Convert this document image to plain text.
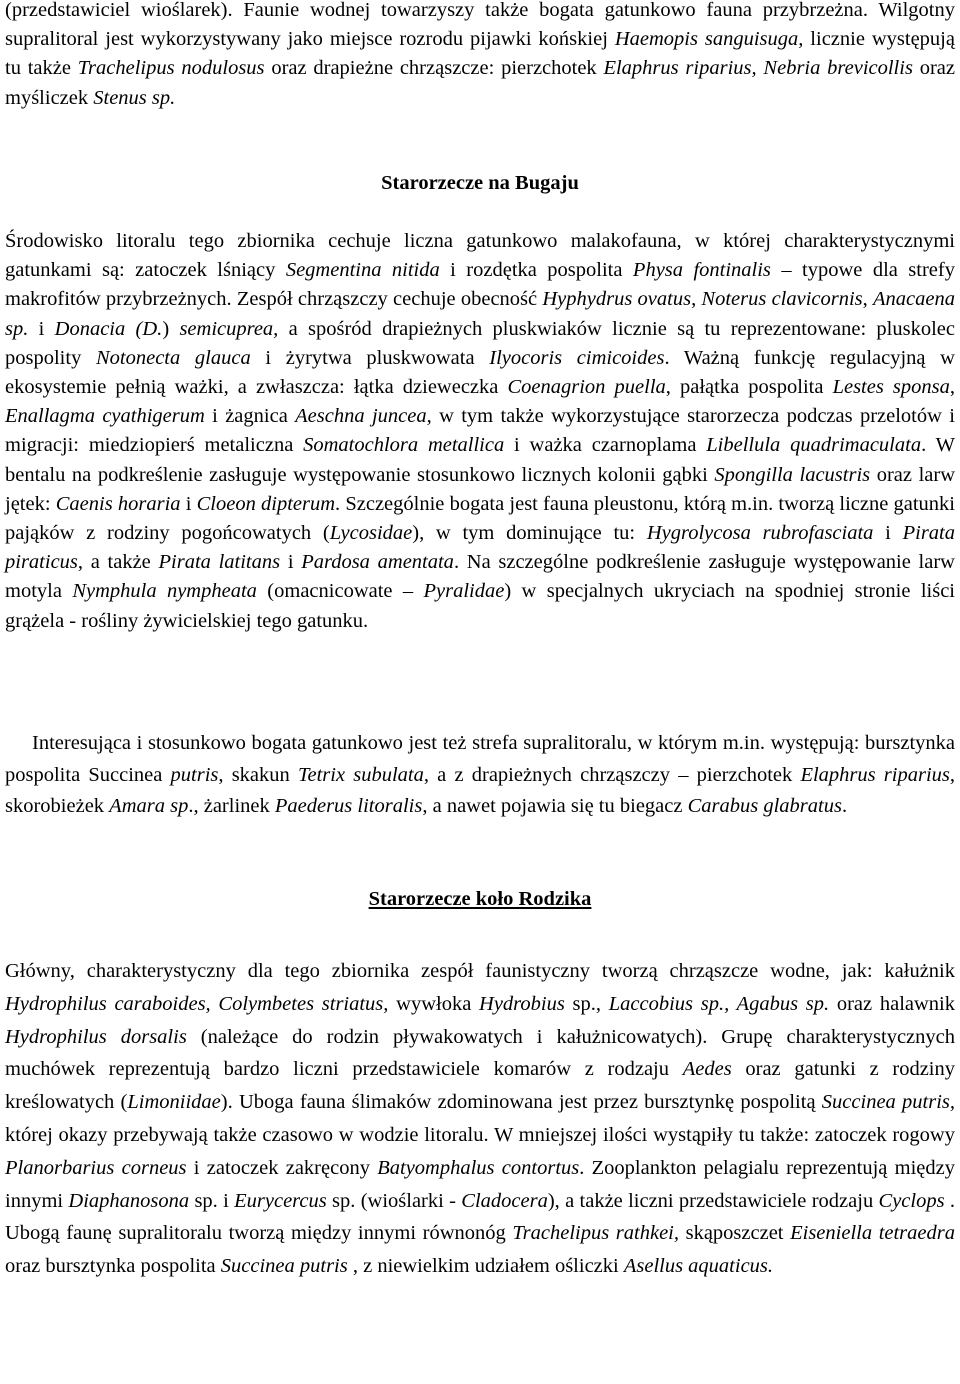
(przedstawiciel wioślarek). Faunie wodnej towarzyszy także bogata gatunkowo fauna przybrzeżna. Wilgotny supralitoral jest wykorzystywany jako miejsce rozrodu pijawki końskiej Haemopis sanguisuga, licznie występują tu także Trachelipus nodulosus oraz drapieżne chrząszcze: pierzchotek Elaphrus riparius, Nebria brevicollis oraz myśliczek Stenus sp.

Starorzecze na Bugaju

Środowisko litoralu tego zbiornika cechuje liczna gatunkowo malakofauna, w której charakterystycznymi gatunkami są: zatoczek lśniący Segmentina nitida i rozdętka pospolita Physa fontinalis – typowe dla strefy makrofitów przybrzeżnych. Zespół chrząszczy cechuje obecność Hyphydrus ovatus, Noterus clavicornis, Anacaena sp. i Donacia (D.) semicuprea, a spośród drapieżnych pluskwiaków licznie są tu reprezentowane: pluskolec pospolity Notonecta glauca i żyrytwa pluskwowata Ilyocoris cimicoides. Ważną funkcję regulacyjną w ekosystemie pełnią ważki, a zwłaszcza: łątka dzieweczka Coenagrion puella, pałątka pospolita Lestes sponsa, Enallagma cyathigerum i żagnica Aeschna juncea, w tym także wykorzystujące starorzecza podczas przelotów i migracji: miedziopierś metaliczna Somatochlora metallica i ważka czarnoplama Libellula quadrimaculata. W bentalu na podkreślenie zasługuje występowanie stosunkowo licznych kolonii gąbki Spongilla lacustris oraz larw jętek: Caenis horaria i Cloeon dipterum. Szczególnie bogata jest fauna pleustonu, którą m.in. tworzą liczne gatunki pająków z rodziny pogońcowatych (Lycosidae), w tym dominujące tu: Hygrolycosa rubrofasciata i Pirata piraticus, a także Pirata latitans i Pardosa amentata. Na szczególne podkreślenie zasługuje występowanie larw motyla Nymphula nympheata (omacnicowate – Pyralidae) w specjalnych ukryciach na spodniej stronie liści grążela - rośliny żywicielskiej tego gatunku.

Interesująca i stosunkowo bogata gatunkowo jest też strefa supralitoralu, w którym m.in. występują: bursztynka pospolita Succinea putris, skakun Tetrix subulata, a z drapieżnych chrząszczy – pierzchotek Elaphrus riparius, skorobieżek Amara sp., żarlinek Paederus litoralis, a nawet pojawia się tu biegacz Carabus glabratus.

Starorzecze koło Rodzika

Główny, charakterystyczny dla tego zbiornika zespół faunistyczny tworzą chrząszcze wodne, jak: kałużnik Hydrophilus caraboides, Colymbetes striatus, wywłoka Hydrobius sp., Laccobius sp., Agabus sp. oraz halawnik Hydrophilus dorsalis (należące do rodzin pływakowatych i kałużnicowatych). Grupę charakterystycznych muchówek reprezentują bardzo liczni przedstawiciele komarów z rodzaju Aedes oraz gatunki z rodziny kreślowatych (Limoniidae). Uboga fauna ślimaków zdominowana jest przez bursztynkę pospolitą Succinea putris, której okazy przebywają także czasowo w wodzie litoralu. W mniejszej ilości wystąpiły tu także: zatoczek rogowy Planorbarius corneus i zatoczek zakręcony Batyomphalus contortus. Zooplankton pelagialu reprezentują między innymi Diaphanosona sp. i Eurycercus sp. (wioślarki - Cladocera), a także liczni przedstawiciele rodzaju Cyclops . Ubogą faunę supralitoralu tworzą między innymi równonóg Trachelipus rathkei, skąposzczet Eiseniella tetraedra oraz bursztynka pospolita Succinea putris , z niewielkim udziałem ośliczki Asellus aquaticus.
